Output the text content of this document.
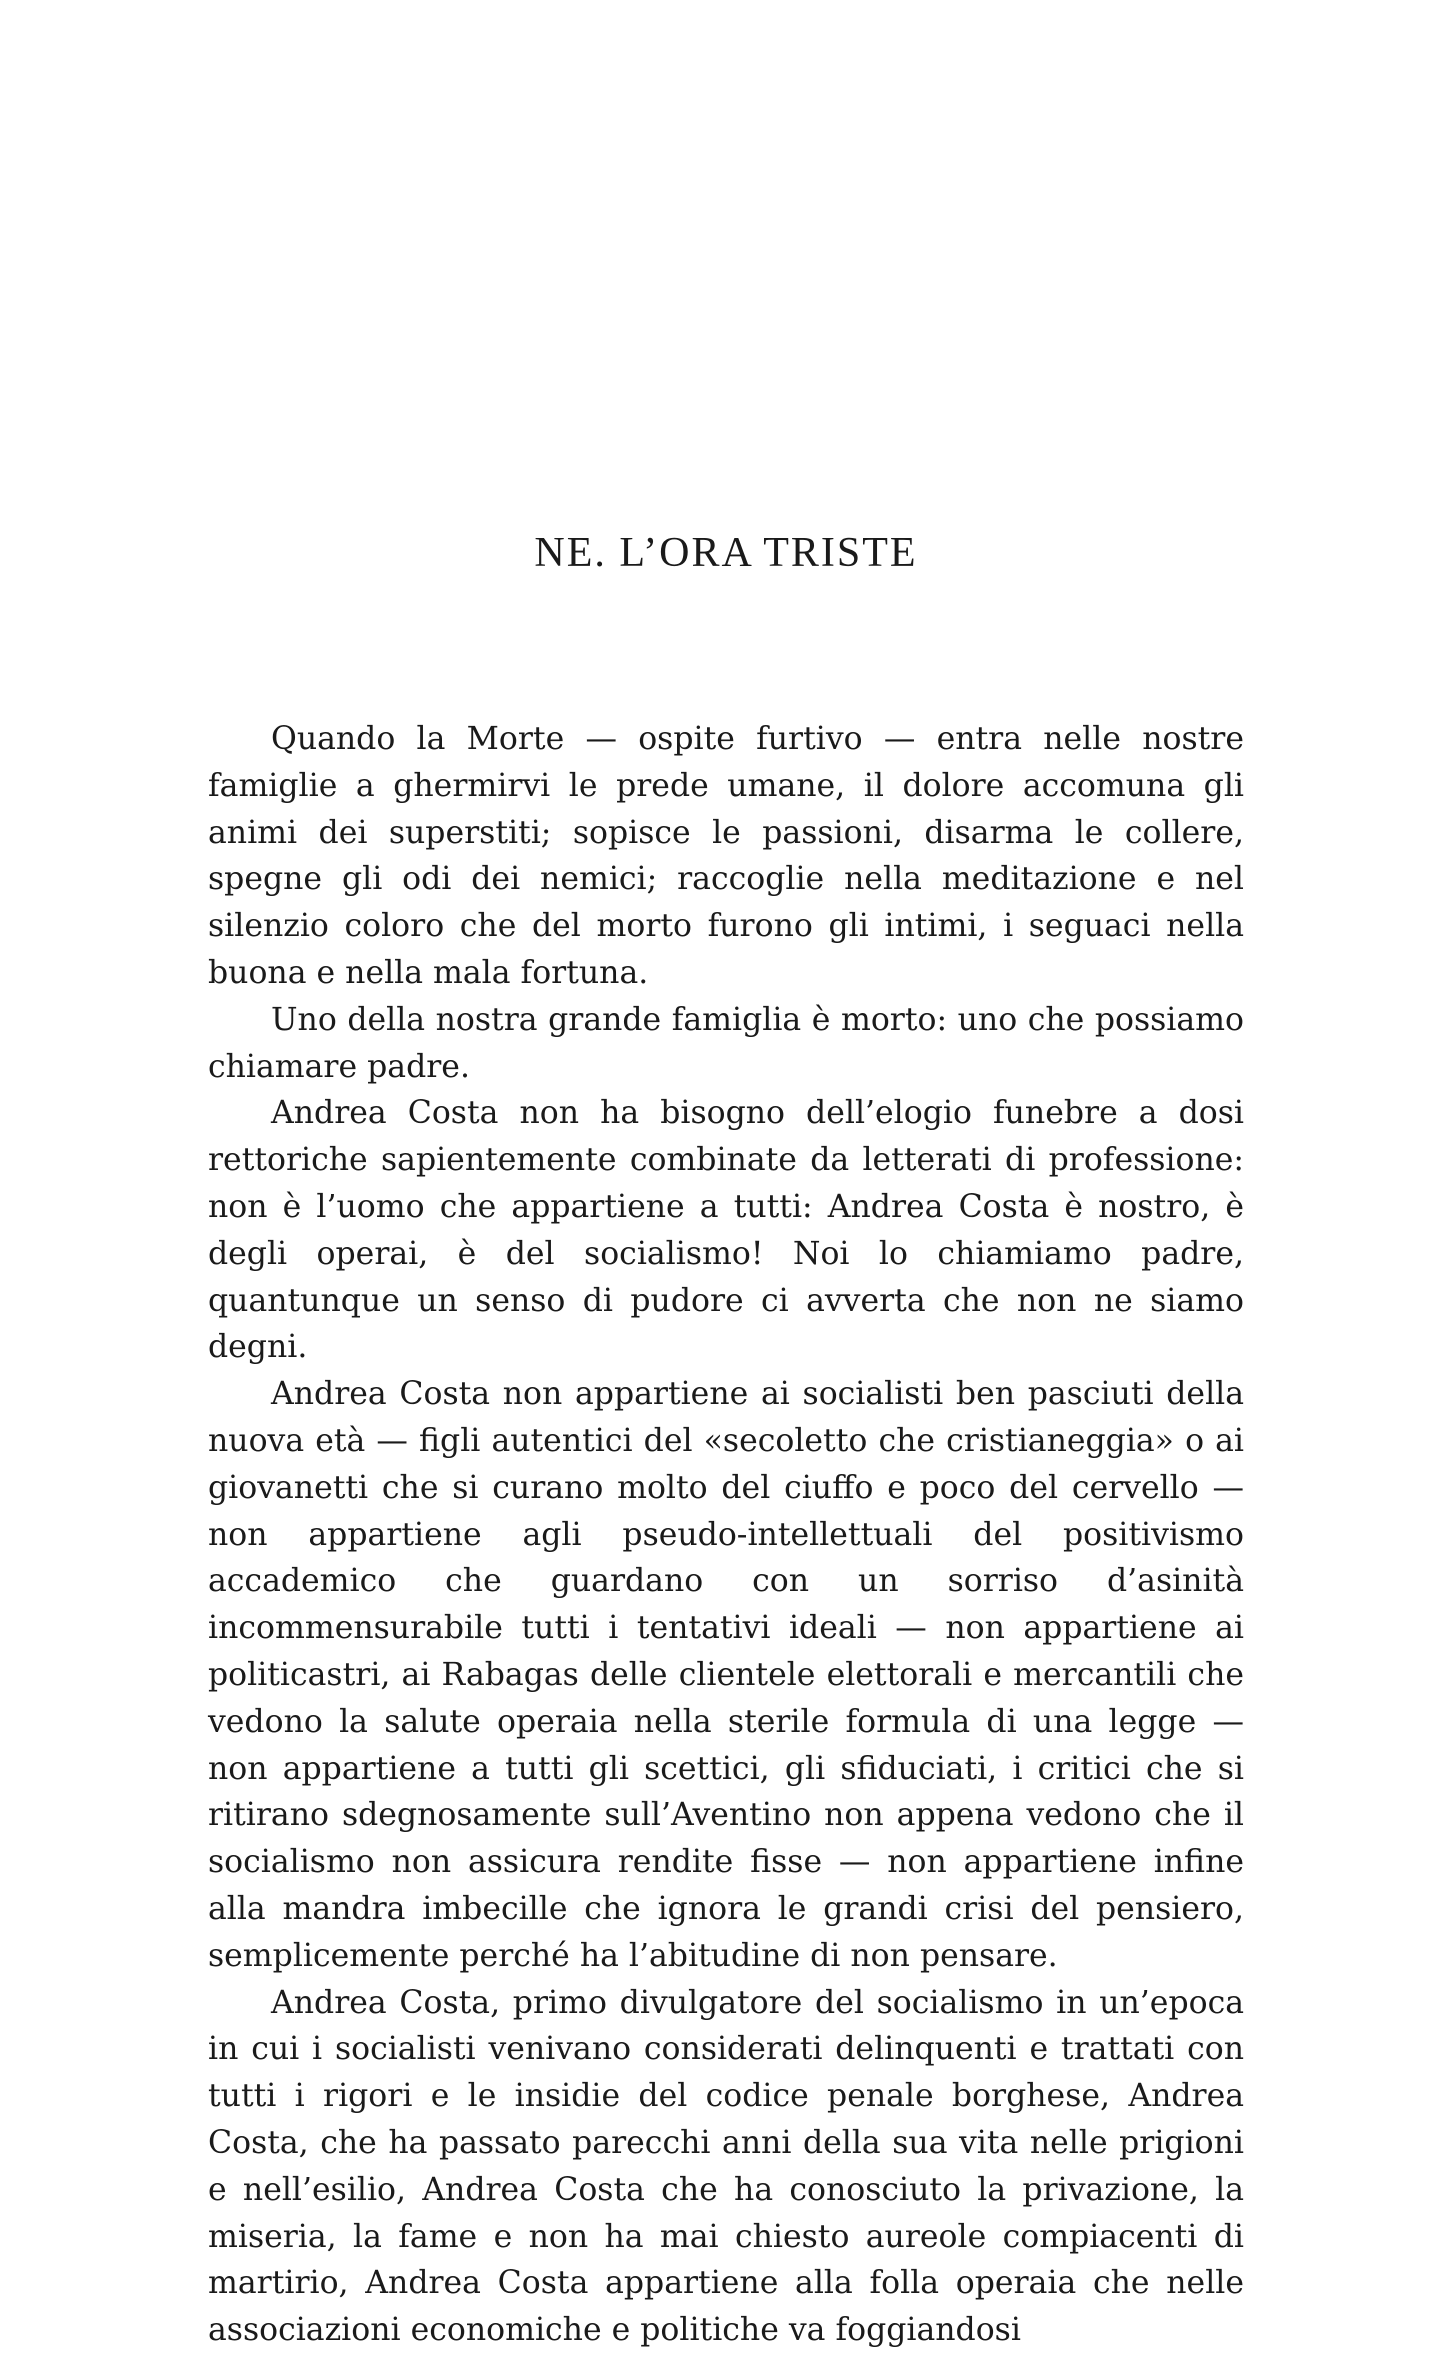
NE. L’ORA TRISTE

Quando la Morte — ospite furtivo — entra nelle nostre famiglie a ghermirvi le prede umane, il dolore accomuna gli animi dei superstiti; sopisce le passioni, disarma le collere, spegne gli odi dei nemici; raccoglie nella meditazione e nel silenzio coloro che del morto furono gli intimi, i seguaci nella buona e nella mala fortuna.

Uno della nostra grande famiglia è morto: uno che possiamo chiamare padre.

Andrea Costa non ha bisogno dell’elogio funebre a dosi rettoriche sapientemente combinate da letterati di professione: non è l’uomo che appartiene a tutti: Andrea Costa è nostro, è degli operai, è del socialismo! Noi lo chiamiamo padre, quantunque un senso di pudore ci avverta che non ne siamo degni.

Andrea Costa non appartiene ai socialisti ben pasciuti della nuova età — figli autentici del «secoletto che cristianeggia» o ai giovanetti che si curano molto del ciuffo e poco del cervello — non appartiene agli pseudo-intellettuali del positivismo accademico che guardano con un sorriso d’asinità incommensurabile tutti i tentativi ideali — non appartiene ai politicastri, ai Rabagas delle clientele elettorali e mercantili che vedono la salute operaia nella sterile formula di una legge — non appartiene a tutti gli scettici, gli sfiduciati, i critici che si ritirano sdegnosamente sull’Aventino non appena vedono che il socialismo non assicura rendite fisse — non appartiene infine alla mandra imbecille che ignora le grandi crisi del pensiero, semplicemente perché ha l’abitudine di non pensare.

Andrea Costa, primo divulgatore del socialismo in un’epoca in cui i socialisti venivano considerati delinquenti e trattati con tutti i rigori e le insidie del codice penale borghese, Andrea Costa, che ha passato parecchi anni della sua vita nelle prigioni e nell’esilio, Andrea Costa che ha conosciuto la privazione, la miseria, la fame e non ha mai chiesto aureole compiacenti di martirio, Andrea Costa appartiene alla folla operaia che nelle associazioni economiche e politiche va foggiandosi
